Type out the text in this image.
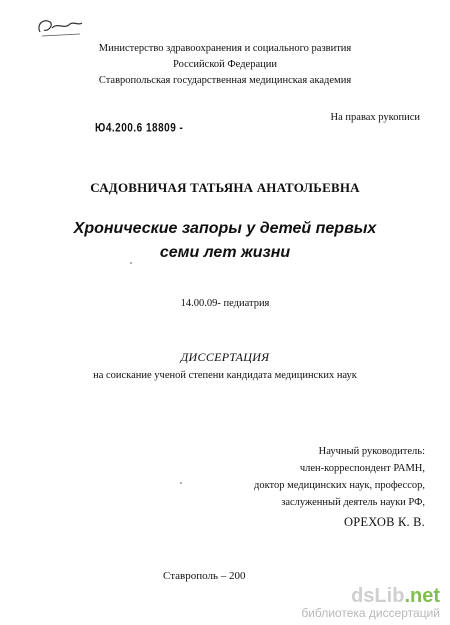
Министерство здравоохранения и социального развития
Российской Федерации
Ставропольская государственная медицинская академия
На правах рукописи
Ю4.200.6 18809 -
САДОВНИЧАЯ ТАТЬЯНА АНАТОЛЬЕВНА
Хронические запоры у детей первых
семи лет жизни
14.00.09- педиатрия
ДИССЕРТАЦИЯ
на соискание ученой степени кандидата медицинских наук
Научный руководитель:
член-корреспондент РАМН,
доктор медицинских наук, профессор,
заслуженный деятель науки РФ,
ОРЕХОВ К. В.
Ставрополь – 200
dsLib.net
библиотека диссертаций
